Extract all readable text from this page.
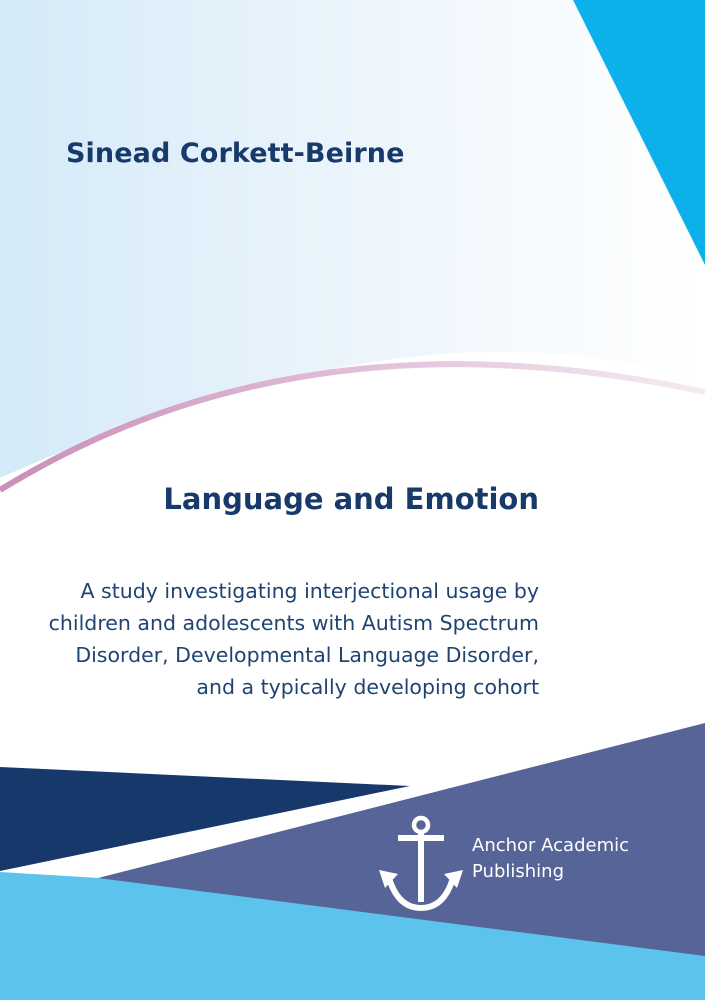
Sinead Corkett-Beirne
Language and Emotion
A study investigating interjectional usage by
children and adolescents with Autism Spectrum
Disorder, Developmental Language Disorder,
and a typically developing cohort
Anchor Academic
Publishing
